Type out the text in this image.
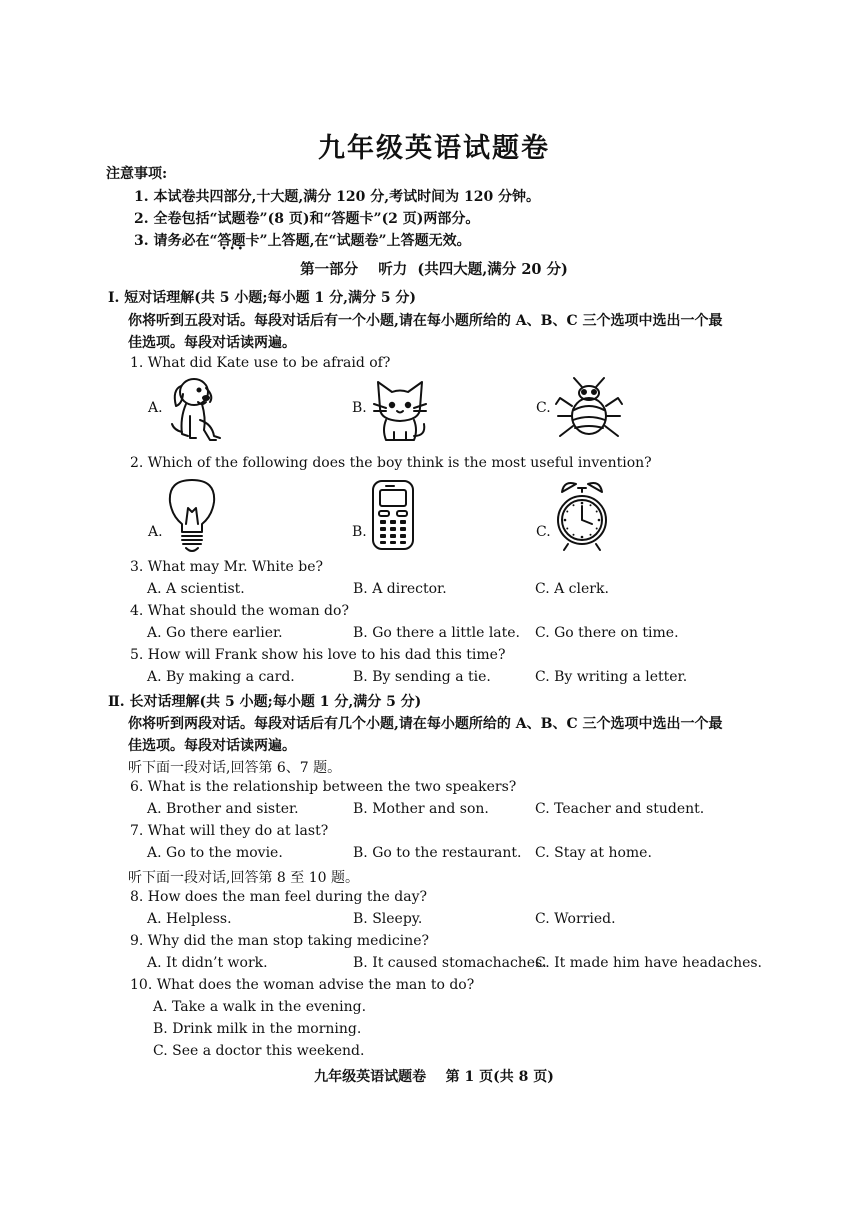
九年级英语试题卷
注意事项:
1. 本试卷共四部分,十大题,满分 120 分,考试时间为 120 分钟。
2. 全卷包括“试题卷”(8 页)和“答题卡”(2 页)两部分。
3. 请务必在“答题卡 •••”上答题,在“试题卷”上答题无效。
第一部分    听力  (共四大题,满分 20 分)
Ⅰ. 短对话理解(共 5 小题;每小题 1 分,满分 5 分)
你将听到五段对话。每段对话后有一个小题,请在每小题所给的 A、B、C 三个选项中选出一个最
佳选项。每段对话读两遍。
1. What did Kate use to be afraid of?
A.	B.	C.
2. Which of the following does the boy think is the most useful invention?
A.	B.	C.
3. What may Mr. White be?
A. A scientist.	B. A director.	C. A clerk.
4. What should the woman do?
A. Go there earlier.	B. Go there a little late. C. Go there on time.
5. How will Frank show his love to his dad this time?
A. By making a card.	B. By sending a tie.	C. By writing a letter.
Ⅱ. 长对话理解(共 5 小题;每小题 1 分,满分 5 分)
你将听到两段对话。每段对话后有几个小题,请在每小题所给的 A、B、C 三个选项中选出一个最
佳选项。每段对话读两遍。
听下面一段对话,回答第 6、7 题。
6. What is the relationship between the two speakers?
A. Brother and sister.	B. Mother and son.	C. Teacher and student.
7. What will they do at last?
A. Go to the movie.	B. Go to the restaurant. C. Stay at home.
听下面一段对话,回答第 8 至 10 题。
8. How does the man feel during the day?
A. Helpless.	B. Sleepy.	C. Worried.
9. Why did the man stop taking medicine?
A. It didn’t work.	B. It caused stomachaches.
C. It made him have headaches.
10. What does the woman advise the man to do?
A. Take a walk in the evening.
B. Drink milk in the morning.
C. See a doctor this weekend.
九年级英语试题卷    第 1 页(共 8 页)
